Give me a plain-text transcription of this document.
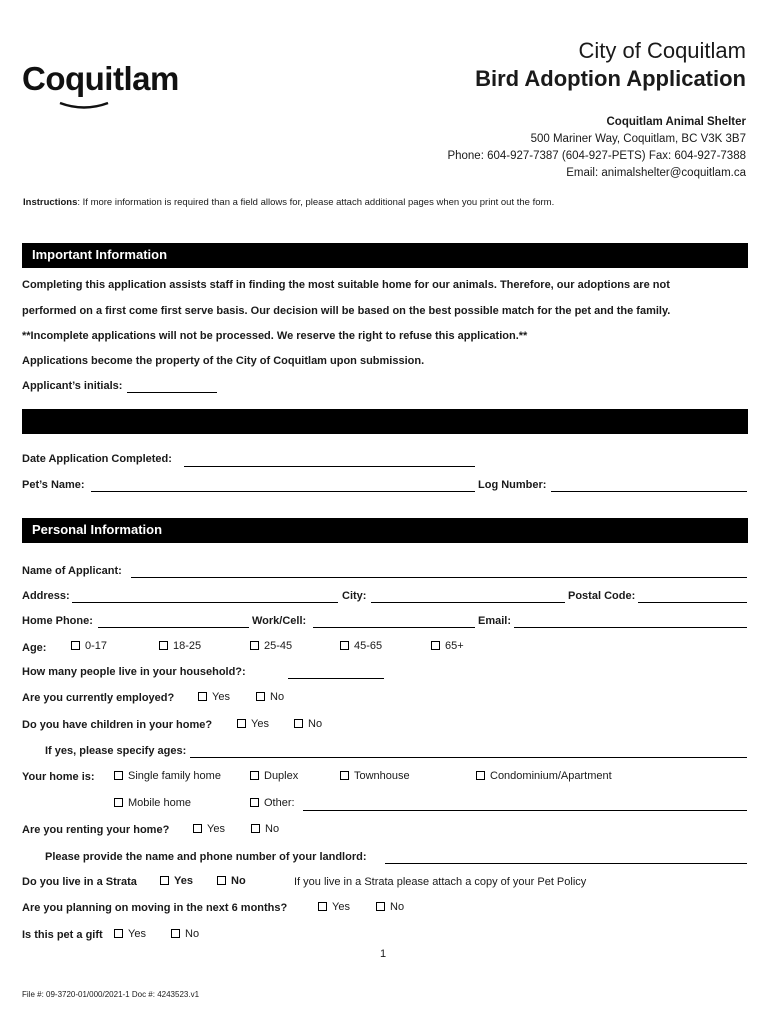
Coquitlam
City of Coquitlam
Bird Adoption Application
Coquitlam Animal Shelter
500 Mariner Way, Coquitlam, BC V3K 3B7
Phone: 604-927-7387 (604-927-PETS) Fax: 604-927-7388
Email: animalshelter@coquitlam.ca
Instructions: If more information is required than a field allows for, please attach additional pages when you print out the form.
Important Information
Completing this application assists staff in finding the most suitable home for our animals. Therefore, our adoptions are not
performed on a first come first serve basis. Our decision will be based on the best possible match for the pet and the family.
**Incomplete applications will not be processed. We reserve the right to refuse this application.**
Applications become the property of the City of Coquitlam upon submission.
Applicant’s initials:
Date Application Completed:
Pet’s Name:	Log Number:
Personal Information
Name of Applicant:
Address:	City:	Postal Code:
Home Phone:	Work/Cell:	Email:
Age:	0-17	18-25	25-45	45-65	65+
How many people live in your household?:
Are you currently employed?	Yes	No
Do you have children in your home?	Yes	No
If yes, please specify ages:
Your home is:	Single family home	Duplex	Townhouse	Condominium/Apartment
Mobile home	Other:
Are you renting your home?	Yes	No
Please provide the name and phone number of your landlord:
Do you live in a Strata	Yes	No	If you live in a Strata please attach a copy of your Pet Policy
Are you planning on moving in the next 6 months?	Yes	No
Is this pet a gift	Yes	No
1
File #: 09-3720-01/000/2021-1 Doc #: 4243523.v1
